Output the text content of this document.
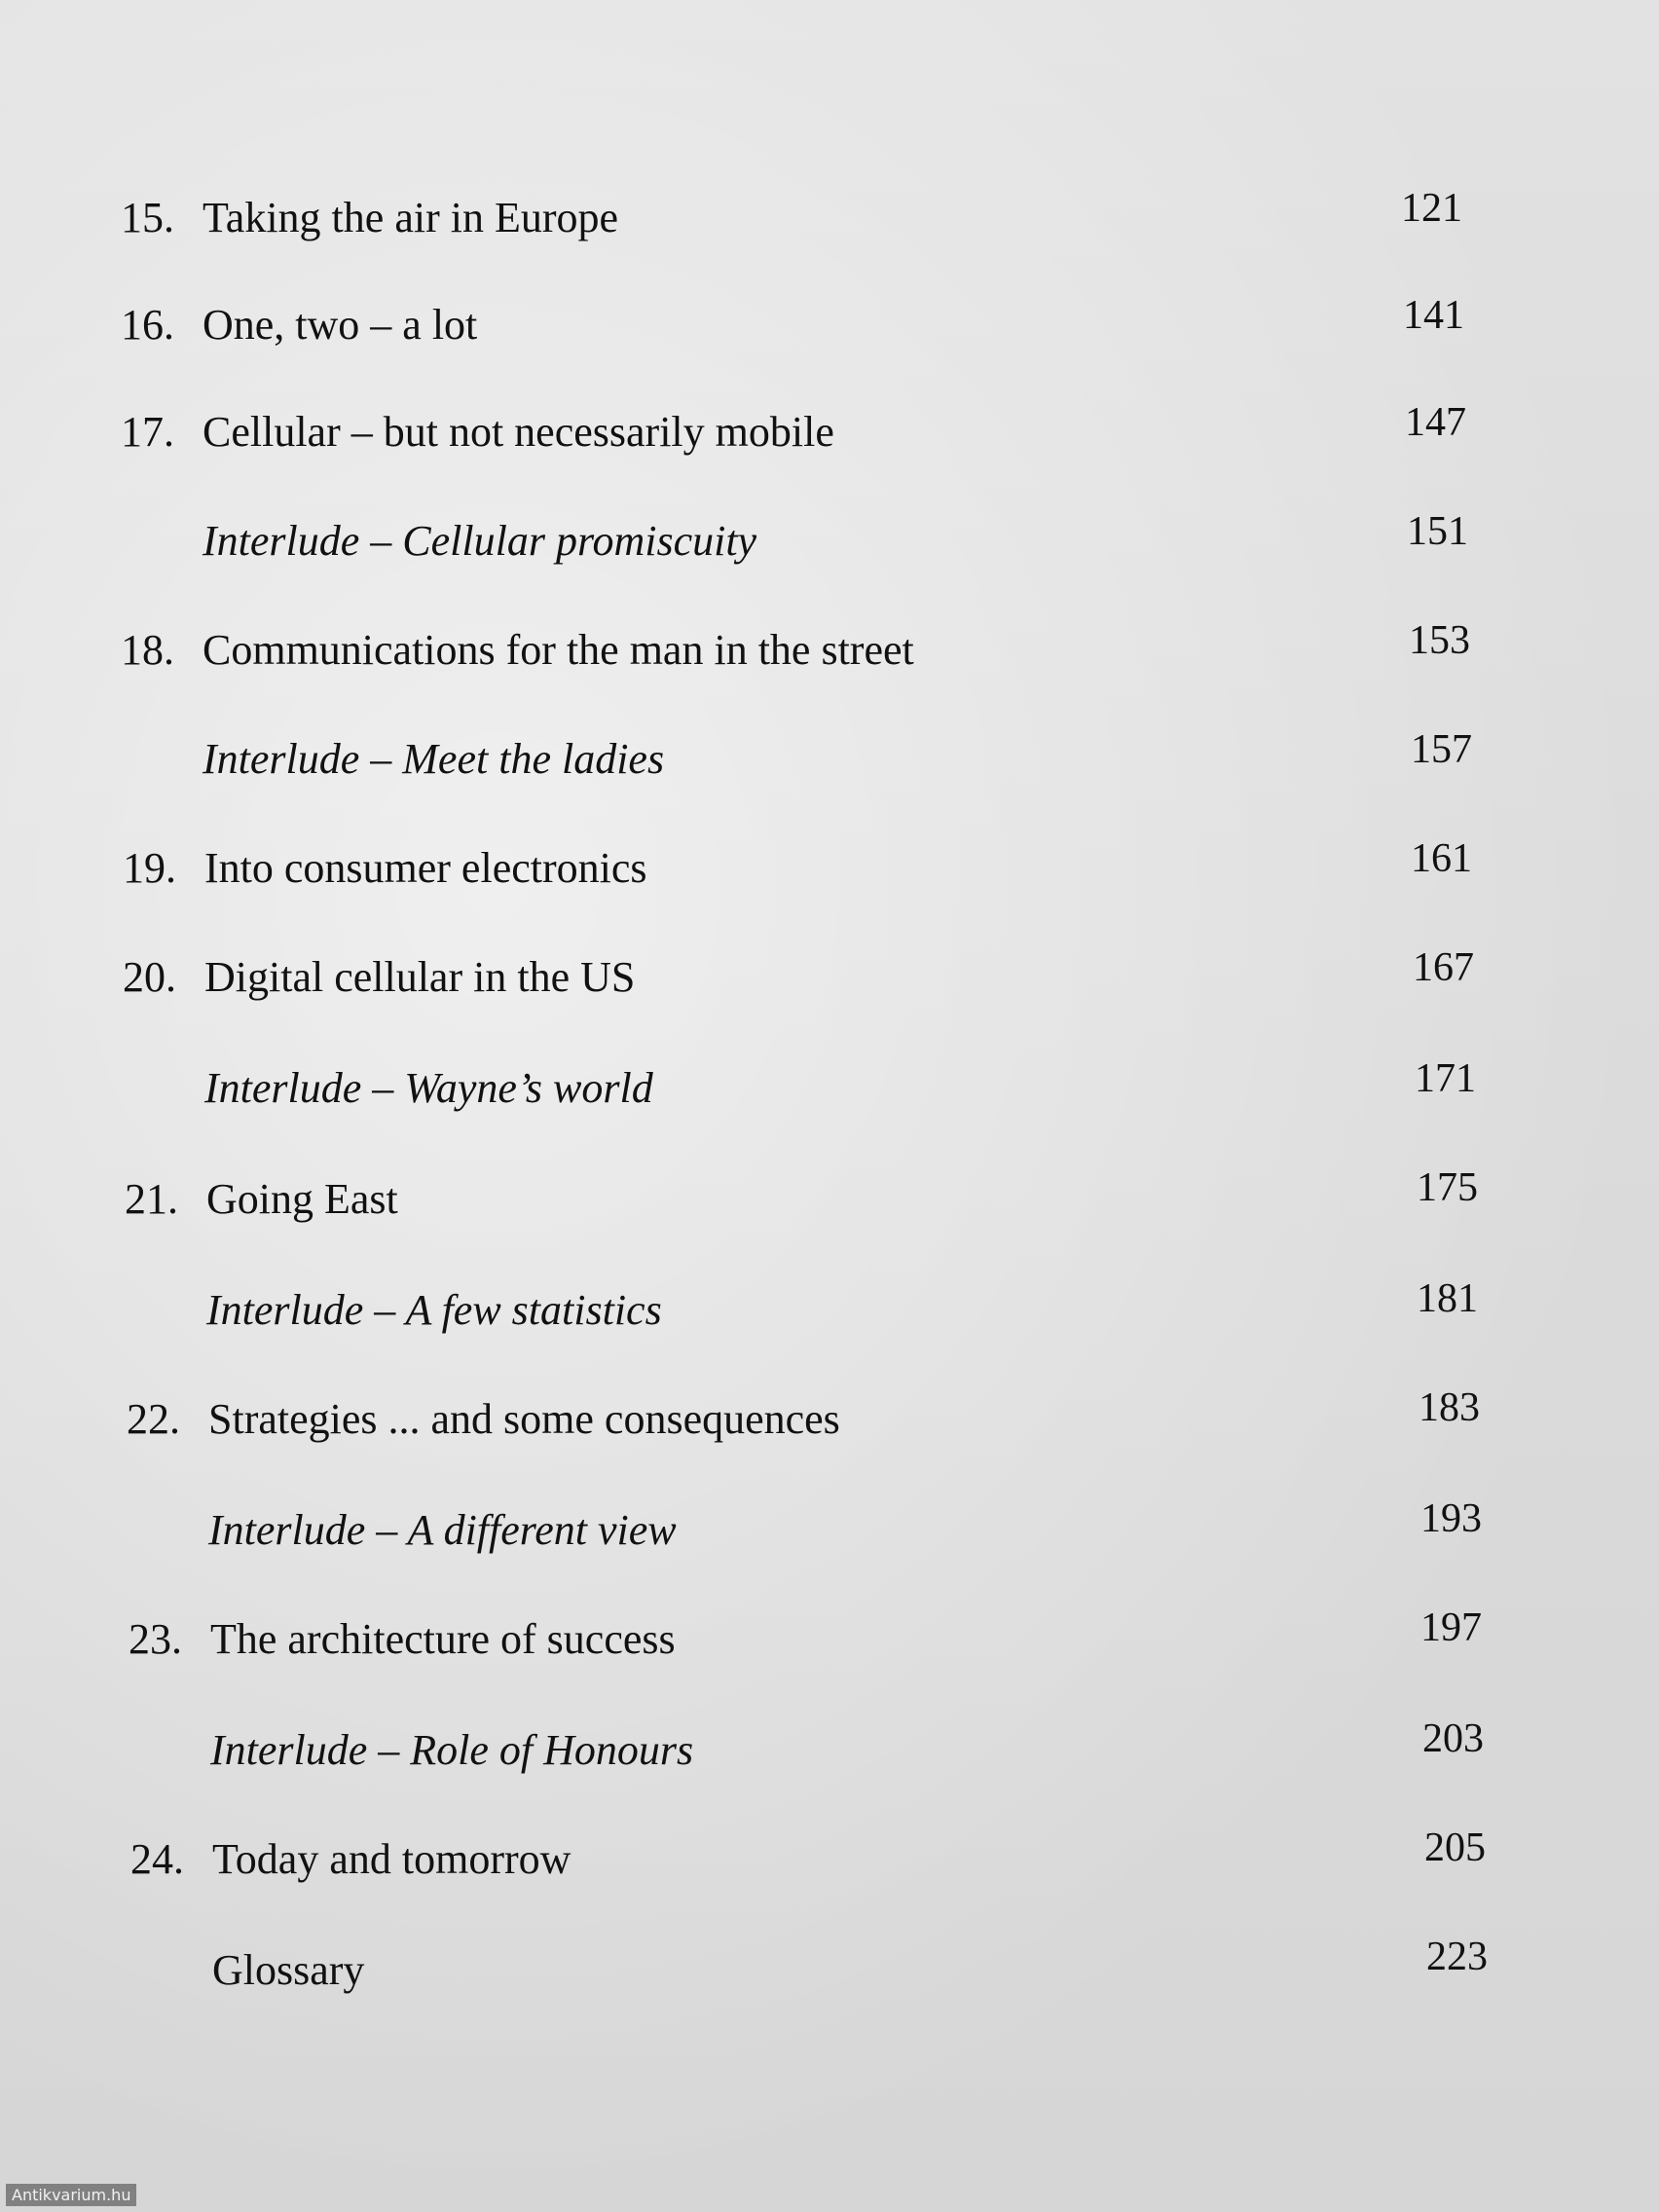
15. Taking the air in Europe	121
16. One, two – a lot	141
17. Cellular – but not necessarily mobile	147
Interlude – Cellular promiscuity	151
18. Communications for the man in the street	153
Interlude – Meet the ladies	157
19. Into consumer electronics	161
20. Digital cellular in the US	167
Interlude – Wayne’s world	171
21. Going East	175
Interlude – A few statistics	181
22. Strategies ... and some consequences	183
Interlude – A different view	193
23. The architecture of success	197
Interlude – Role of Honours	203
24. Today and tomorrow	205
Glossary	223
Antikvarium.hu
